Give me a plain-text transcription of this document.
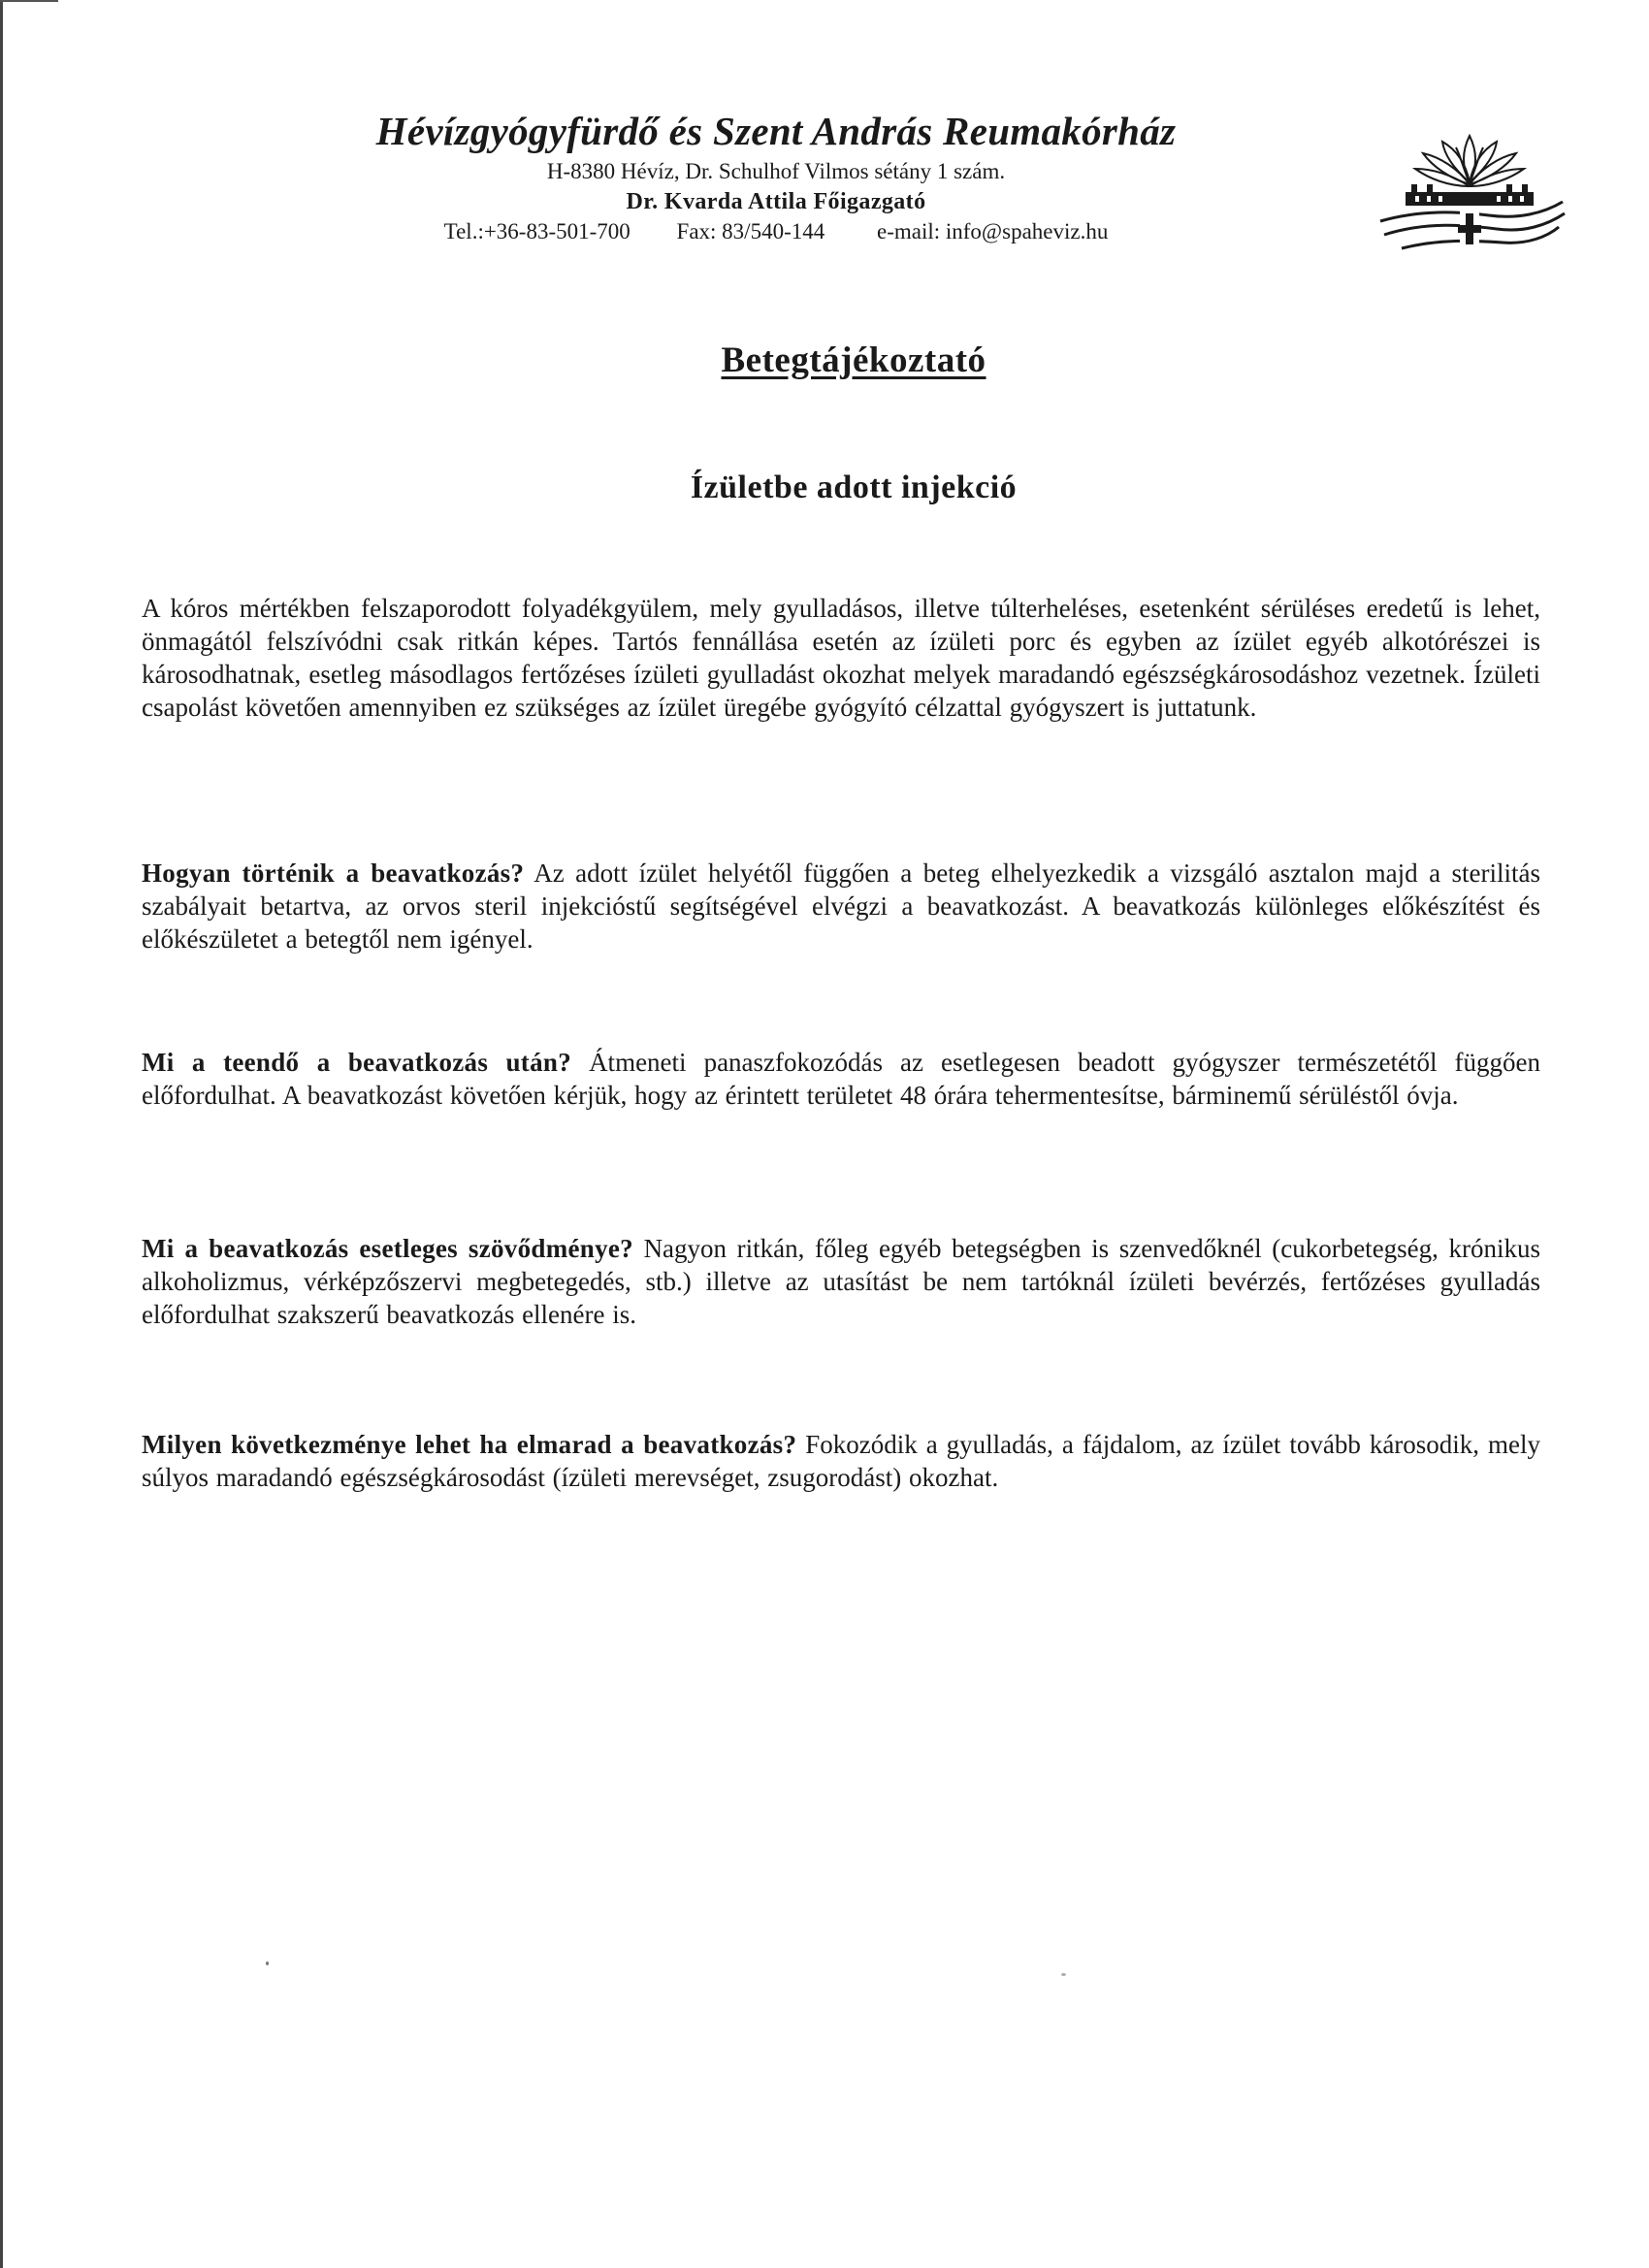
Hévízgyógyfürdő és Szent András Reumakórház
H-8380 Hévíz, Dr. Schulhof Vilmos sétány 1 szám.
Dr. Kvarda Attila Főigazgató
Tel.:+36-83-501-700 Fax: 83/540-144 e-mail: info@spaheviz.hu
Betegtájékoztató
Ízületbe adott injekció
A kóros mértékben felszaporodott folyadékgyülem, mely gyulladásos, illetve túlterheléses, esetenként sérüléses eredetű is lehet, önmagától felszívódni csak ritkán képes. Tartós fennállása esetén az ízületi porc és egyben az ízület egyéb alkotórészei is károsodhatnak, esetleg másodlagos fertőzéses ízületi gyulladást okozhat melyek maradandó egészségkárosodáshoz vezetnek. Ízületi csapolást követően amennyiben ez szükséges az ízület üregébe gyógyító célzattal gyógyszert is juttatunk.
Hogyan történik a beavatkozás? Az adott ízület helyétől függően a beteg elhelyezkedik a vizsgáló asztalon majd a sterilitás szabályait betartva, az orvos steril injekcióstű segítségével elvégzi a beavatkozást. A beavatkozás különleges előkészítést és előkészületet a betegtől nem igényel.
Mi a teendő a beavatkozás után? Átmeneti panaszfokozódás az esetlegesen beadott gyógyszer természetétől függően előfordulhat. A beavatkozást követően kérjük, hogy az érintett területet 48 órára tehermentesítse, bárminemű sérüléstől óvja.
Mi a beavatkozás esetleges szövődménye? Nagyon ritkán, főleg egyéb betegségben is szenvedőknél (cukorbetegség, krónikus alkoholizmus, vérképzőszervi megbetegedés, stb.) illetve az utasítást be nem tartóknál ízületi bevérzés, fertőzéses gyulladás előfordulhat szakszerű beavatkozás ellenére is.
Milyen következménye lehet ha elmarad a beavatkozás? Fokozódik a gyulladás, a fájdalom, az ízület tovább károsodik, mely súlyos maradandó egészségkárosodást (ízületi merevséget, zsugorodást) okozhat.
